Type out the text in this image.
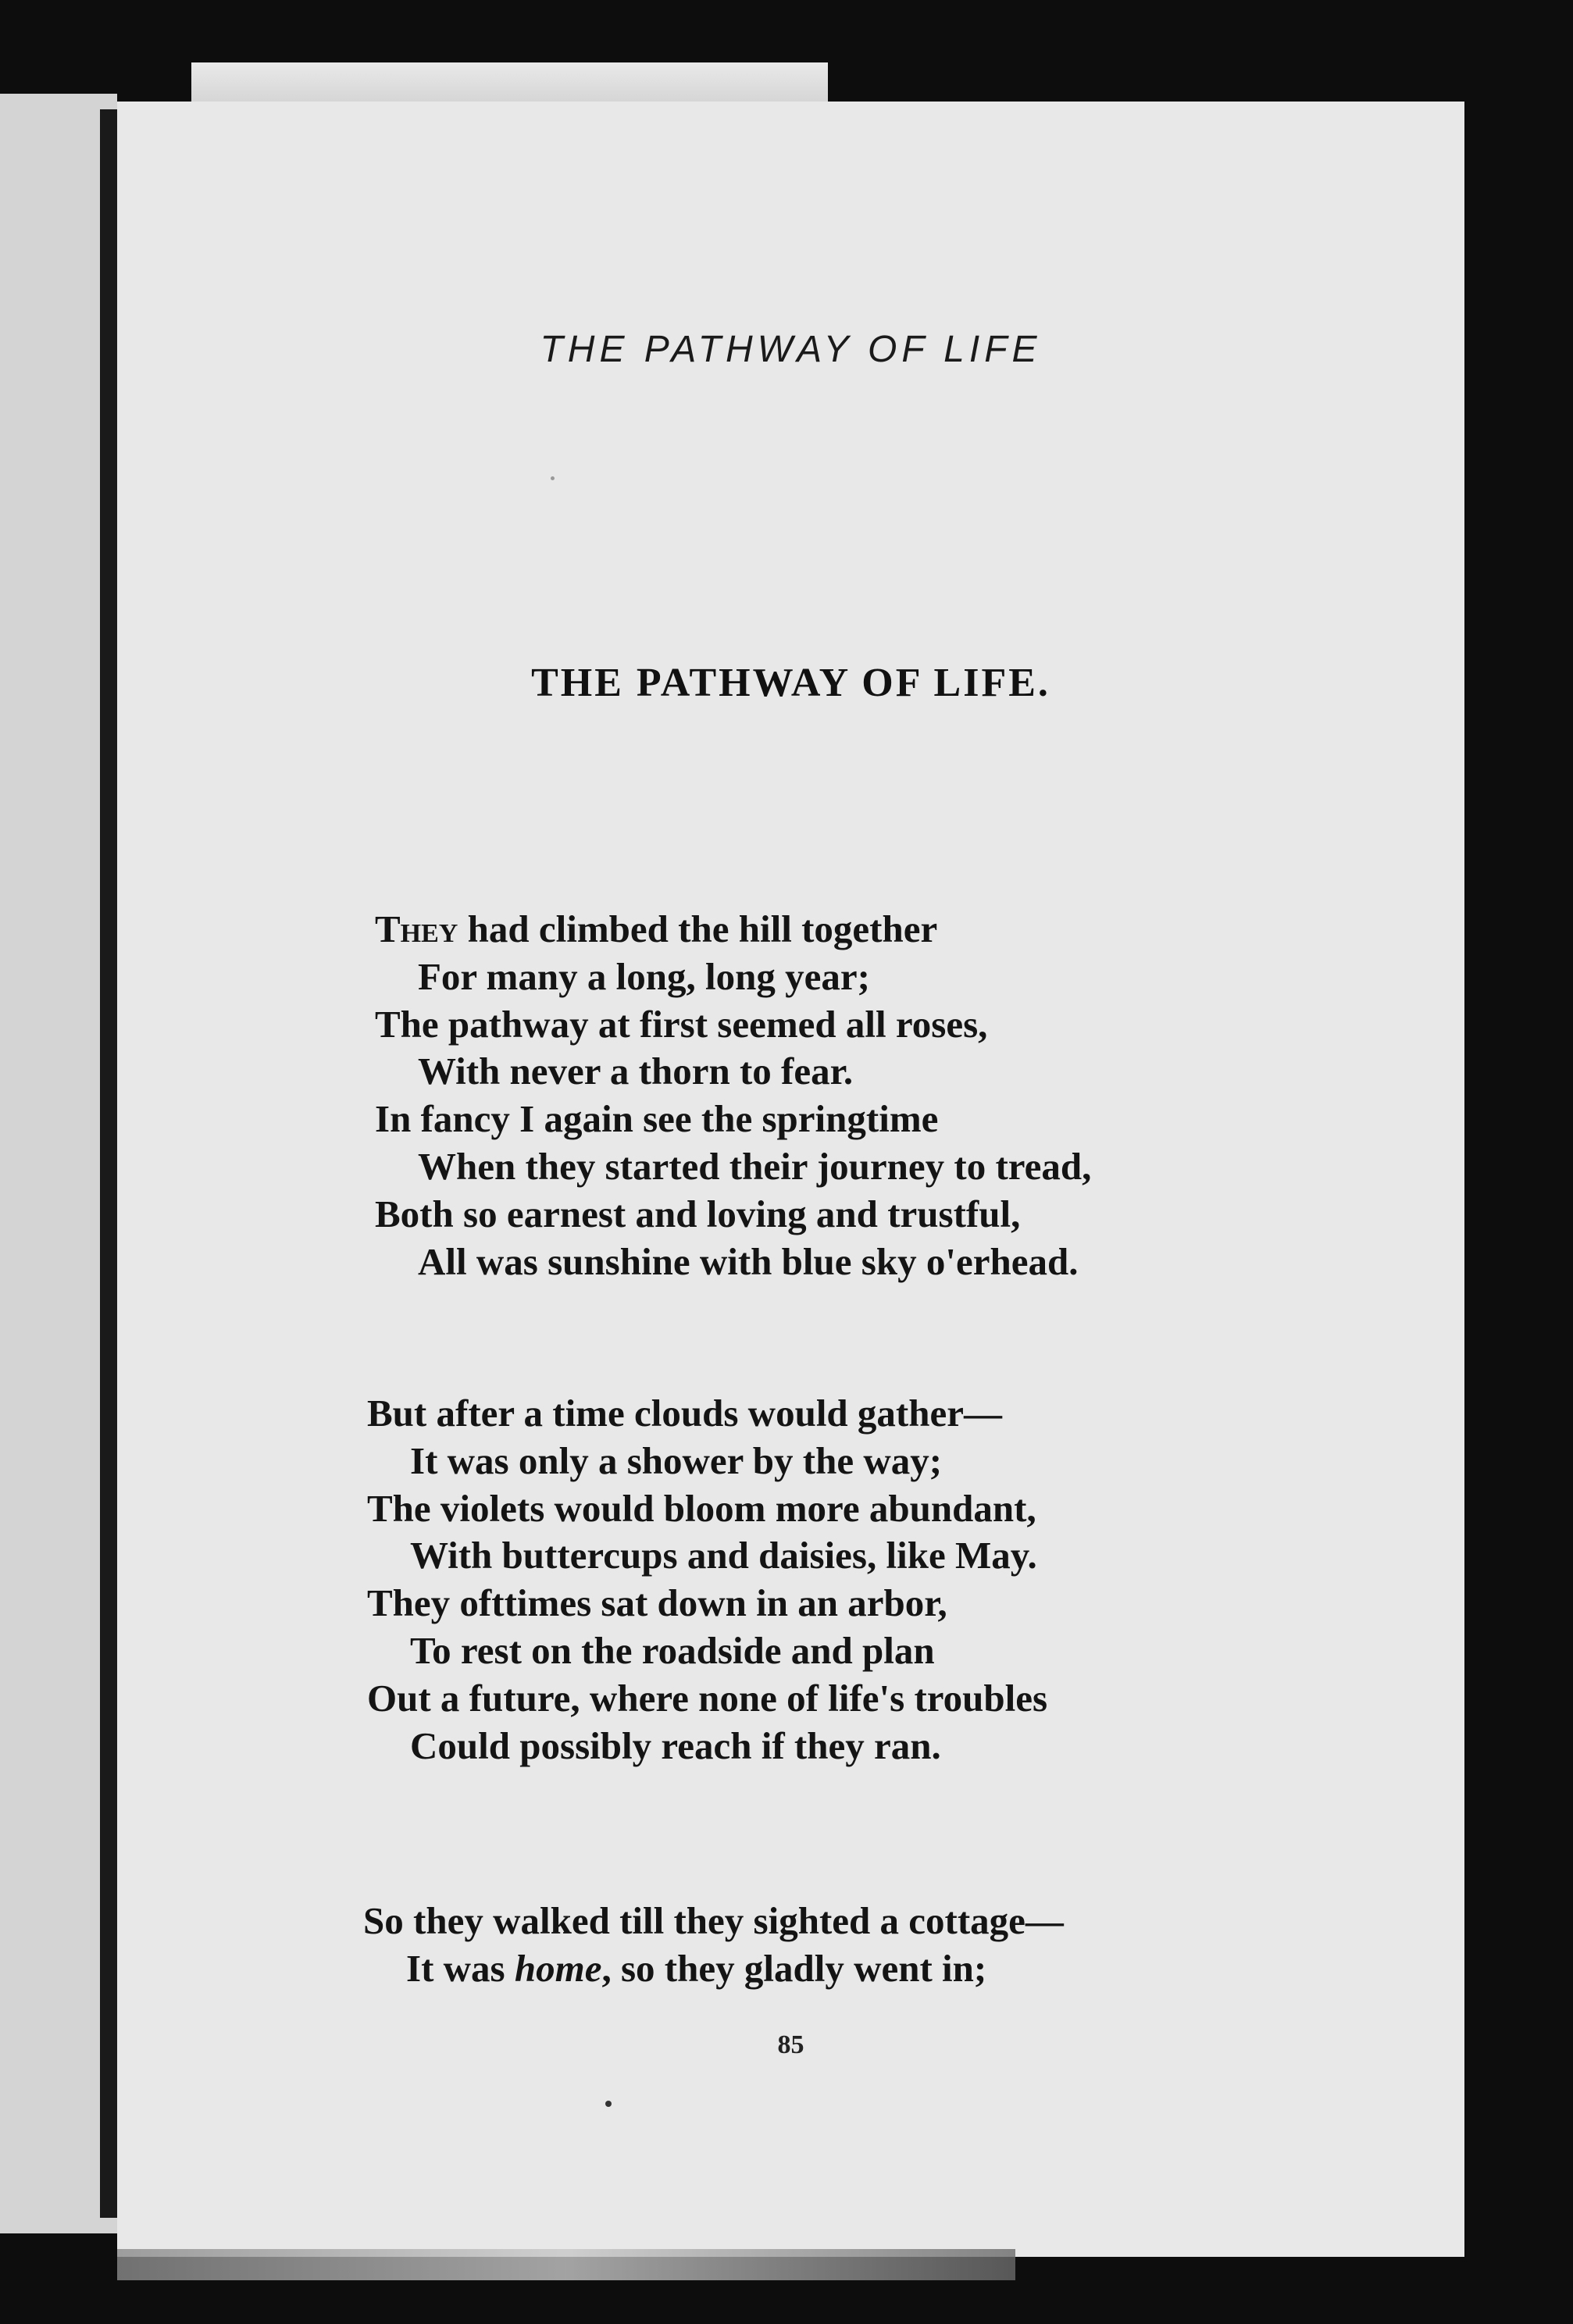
THE PATHWAY OF LIFE
THE PATHWAY OF LIFE.
They had climbed the hill together
For many a long, long year;
The pathway at first seemed all roses,
With never a thorn to fear.
In fancy I again see the springtime
When they started their journey to tread,
Both so earnest and loving and trustful,
All was sunshine with blue sky o'erhead.
But after a time clouds would gather—
It was only a shower by the way;
The violets would bloom more abundant,
With buttercups and daisies, like May.
They ofttimes sat down in an arbor,
To rest on the roadside and plan
Out a future, where none of life's troubles
Could possibly reach if they ran.
So they walked till they sighted a cottage—
It was home, so they gladly went in;
85
